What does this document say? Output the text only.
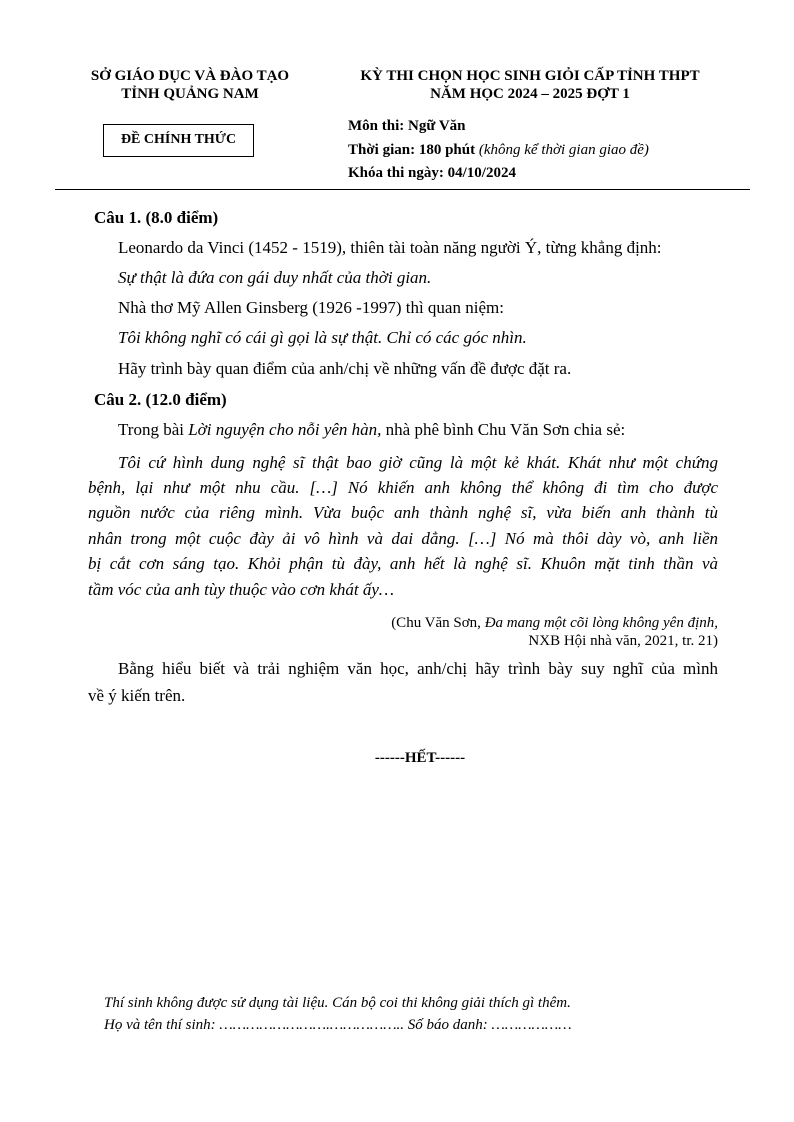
SỞ GIÁO DỤC VÀ ĐÀO TẠO
TỈNH QUẢNG NAM
ĐỀ CHÍNH THỨC
KỲ THI CHỌN HỌC SINH GIỎI CẤP TỈNH THPT
NĂM HỌC 2024 – 2025 ĐỢT 1
Môn thi: Ngữ Văn
Thời gian: 180 phút (không kể thời gian giao đề)
Khóa thi ngày: 04/10/2024
Câu 1. (8.0 điểm)
Leonardo da Vinci (1452 - 1519), thiên tài toàn năng người Ý, từng khẳng định:
Sự thật là đứa con gái duy nhất của thời gian.
Nhà thơ Mỹ Allen Ginsberg (1926 -1997) thì quan niệm:
Tôi không nghĩ có cái gì gọi là sự thật. Chỉ có các góc nhìn.
Hãy trình bày quan điểm của anh/chị về những vấn đề được đặt ra.
Câu 2. (12.0 điểm)
Trong bài Lời nguyện cho nỗi yên hàn, nhà phê bình Chu Văn Sơn chia sẻ:
Tôi cứ hình dung nghệ sĩ thật bao giờ cũng là một kẻ khát. Khát như một chứng
bệnh, lại như một nhu cầu. […] Nó khiến anh không thể không đi tìm cho được
nguồn nước của riêng mình. Vừa buộc anh thành nghệ sĩ, vừa biến anh thành tù
nhân trong một cuộc đày ải vô hình và dai dẳng. […] Nó mà thôi dày vò, anh liền
bị cắt cơn sáng tạo. Khỏi phận tù đày, anh hết là nghệ sĩ. Khuôn mặt tinh thần và
tầm vóc của anh tùy thuộc vào cơn khát ấy…
(Chu Văn Sơn, Đa mang một cõi lòng không yên định,
NXB Hội nhà văn, 2021, tr. 21)
Bằng hiểu biết và trải nghiệm văn học, anh/chị hãy trình bày suy nghĩ của mình
về ý kiến trên.
------HẾT------
Thí sinh không được sử dụng tài liệu. Cán bộ coi thi không giải thích gì thêm.
Họ và tên thí sinh: …………………….…………….. Số báo danh: ………………
